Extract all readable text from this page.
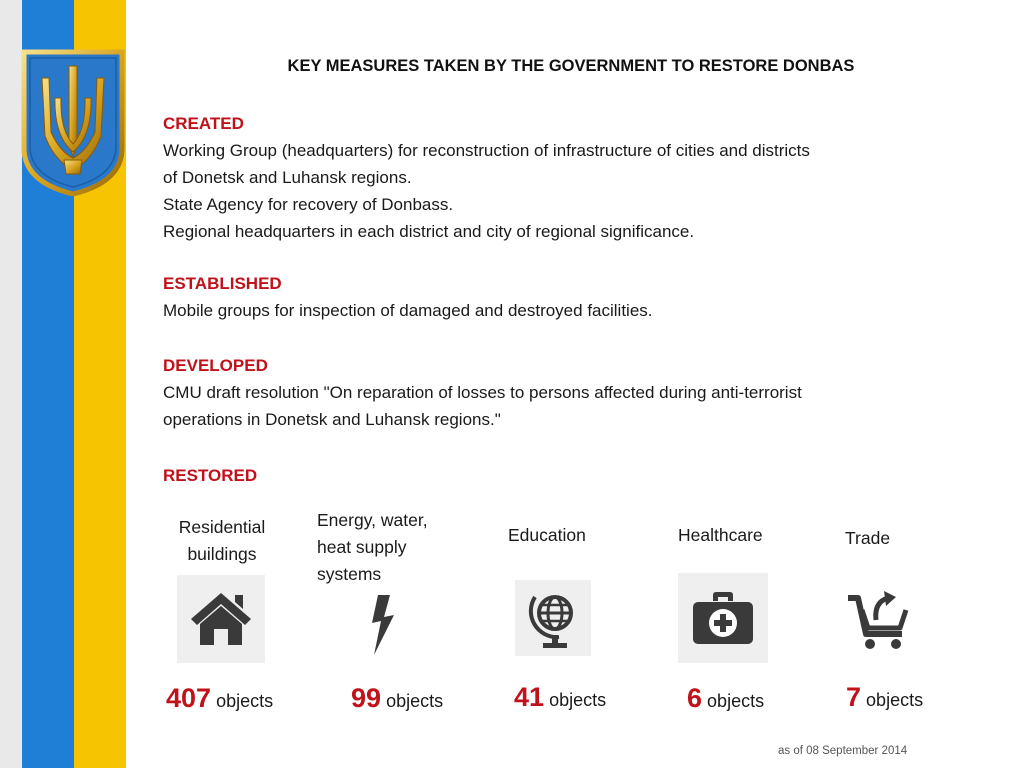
KEY MEASURES TAKEN BY THE GOVERNMENT TO RESTORE DONBAS
CREATED
Working Group (headquarters) for reconstruction of infrastructure of cities and districts
of Donetsk and Luhansk regions.
State Agency for recovery of Donbass.
Regional headquarters in each district and city of regional significance.
ESTABLISHED
Mobile groups for inspection of damaged and destroyed facilities.
DEVELOPED
CMU draft resolution "On reparation of losses to persons affected during anti-terrorist
operations in Donetsk and Luhansk regions."
RESTORED
Residential
buildings
407 objects
Energy, water,
heat supply
systems
99 objects
Education
41 objects
Healthcare
6 objects
Trade
7 objects
as of 08 September 2014
